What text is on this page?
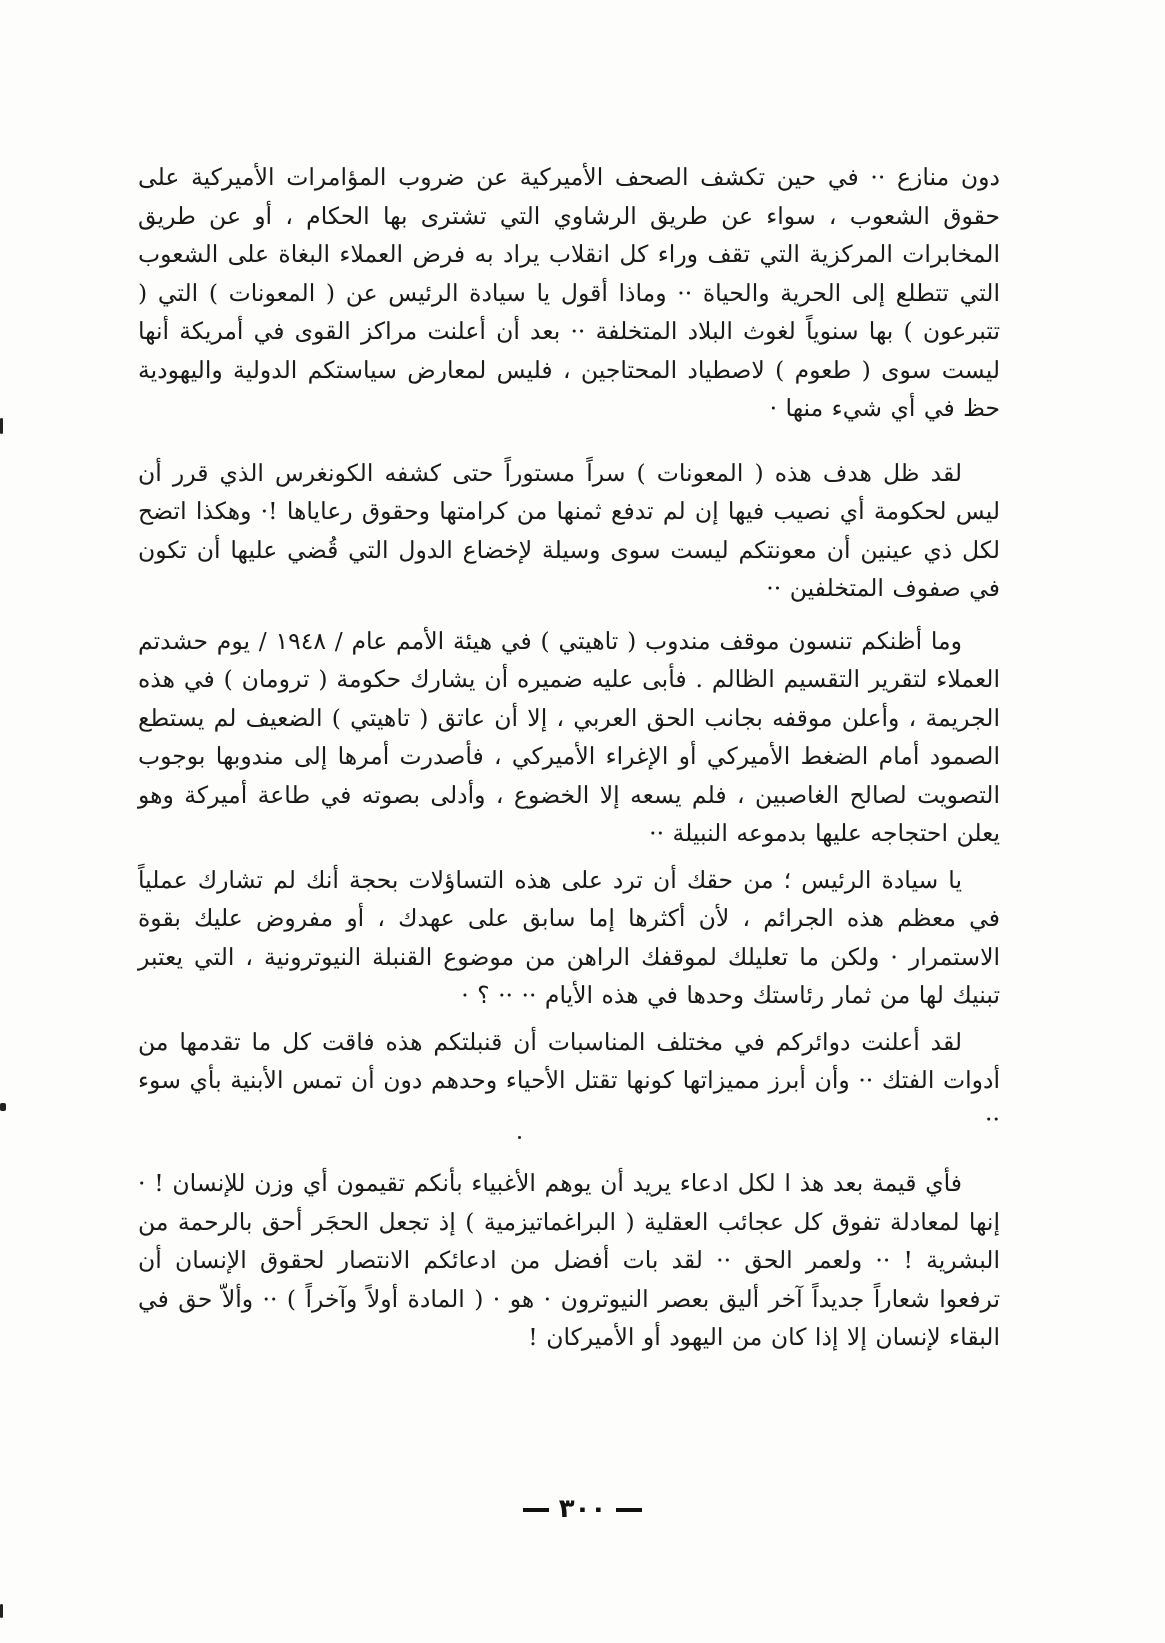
دون منازع ·· في حين تكشف الصحف الأميركية عن ضروب المؤامرات الأميركية على حقوق الشعوب ، سواء عن طريق الرشاوي التي تشترى بها الحكام ، أو عن طريق المخابرات المركزية التي تقف وراء كل انقلاب يراد به فرض العملاء البغاة على الشعوب التي تتطلع إلى الحرية والحياة ·· وماذا أقول يا سيادة الرئيس عن ( المعونات ) التي ( تتبرعون ) بها سنوياً لغوث البلاد المتخلفة ·· بعد أن أعلنت مراكز القوى في أمريكة أنها ليست سوى ( طعوم ) لاصطياد المحتاجين ، فليس لمعارض سياستكم الدولية واليهودية حظ في أي شيء منها ·

لقد ظل هدف هذه ( المعونات ) سراً مستوراً حتى كشفه الكونغرس الذي قرر أن ليس لحكومة أي نصيب فيها إن لم تدفع ثمنها من كرامتها وحقوق رعاياها !· وهكذا اتضح لكل ذي عينين أن معونتكم ليست سوى وسيلة لإخضاع الدول التي قُضي عليها أن تكون في صفوف المتخلفين ··

وما أظنكم تنسون موقف مندوب ( تاهيتي ) في هيئة الأمم عام / ١٩٤٨ / يوم حشدتم العملاء لتقرير التقسيم الظالم . فأبى عليه ضميره أن يشارك حكومة ( ترومان ) في هذه الجريمة ، وأعلن موقفه بجانب الحق العربي ، إلا أن عاتق ( تاهيتي ) الضعيف لم يستطع الصمود أمام الضغط الأميركي أو الإغراء الأميركي ، فأصدرت أمرها إلى مندوبها بوجوب التصويت لصالح الغاصبين ، فلم يسعه إلا الخضوع ، وأدلى بصوته في طاعة أميركة وهو يعلن احتجاجه عليها بدموعه النبيلة ··

يا سيادة الرئيس ؛ من حقك أن ترد على هذه التساؤلات بحجة أنك لم تشارك عملياً في معظم هذه الجرائم ، لأن أكثرها إما سابق على عهدك ، أو مفروض عليك بقوة الاستمرار · ولكن ما تعليلك لموقفك الراهن من موضوع القنبلة النيوترونية ، التي يعتبر تبنيك لها من ثمار رئاستك وحدها في هذه الأيام ·· ·· ؟ ·

لقد أعلنت دوائركم في مختلف المناسبات أن قنبلتكم هذه فاقت كل ما تقدمها من أدوات الفتك ·· وأن أبرز مميزاتها كونها تقتل الأحياء وحدهم دون أن تمس الأبنية بأي سوء ··

فأي قيمة بعد هذ ا لكل ادعاء يريد أن يوهم الأغبياء بأنكم تقيمون أي وزن للإنسان ! · إنها لمعادلة تفوق كل عجائب العقلية ( البراغماتيزمية ) إذ تجعل الحجَر أحق بالرحمة من البشرية ! ·· ولعمر الحق ·· لقد بات أفضل من ادعائكم الانتصار لحقوق الإنسان أن ترفعوا شعاراً جديداً آخر أليق بعصر النيوترون · هو · ( المادة أولاً وآخراً ) ·· وألاّ حق في البقاء لإنسان إلا إذا كان من اليهود أو الأميركان !

٣٠٠
